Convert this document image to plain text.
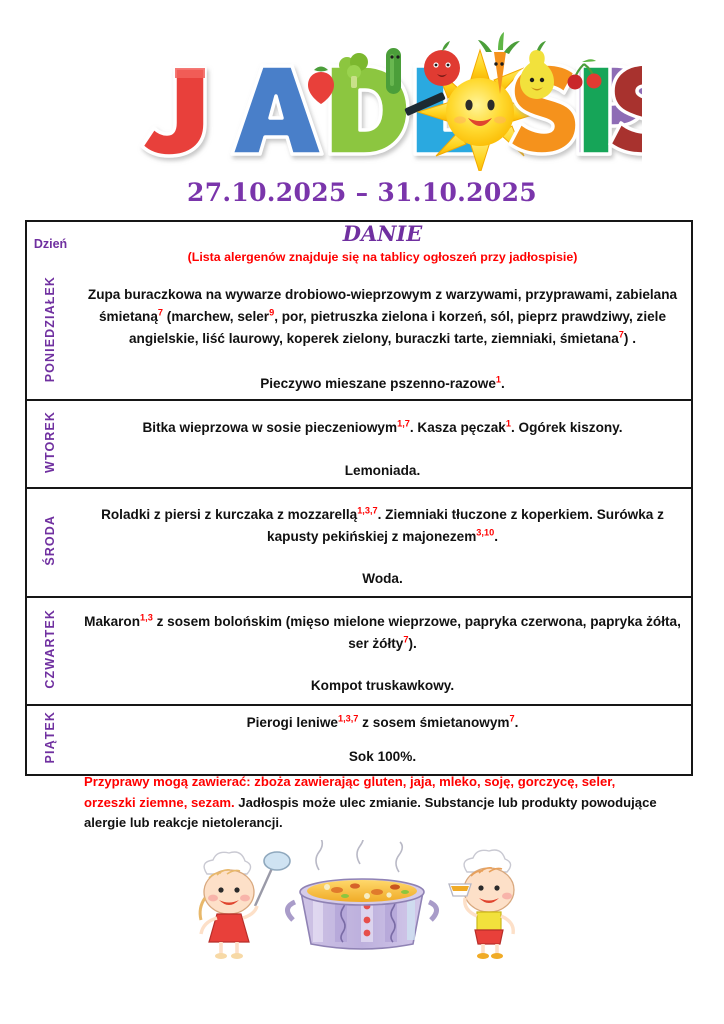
27.10.2025 – 31.10.2025
Dzień	DANIE
(Lista alergenów znajduje się na tablicy ogłoszeń przy jadłospisie)

PONIEDZIAŁEK	Zupa buraczkowa na wywarze drobiowo-wieprzowym z warzywami, przyprawami, zabielana śmietaną$^7$ (marchew, seler$^9$, por, pietruszka zielona i korzeń, sól, pieprz prawdziwy, ziele angielskie, liść laurowy, koperek zielony, buraczki tarte, ziemniaki, śmietana$^7$) .
	Pieczywo mieszane pszenno-razowe$^1$.
WTOREK	Bitka wieprzowa w sosie pieczeniowym$^{1,7}$. Kasza pęczak$^1$. Ogórek kiszony.
	Lemoniada.
ŚRODA	Roladki z piersi z kurczaka z mozzarellą$^{1,3,7}$. Ziemniaki tłuczone z koperkiem. Surówka z kapusty pekińskiej z majonezem$^{3,10}$.
	Woda.
CZWARTEK	Makaron$^{1,3}$ z sosem bolońskim (mięso mielone wieprzowe, papryka czerwona, papryka żółta, ser żółty$^7$).
	Kompot truskawkowy.
PIĄTEK	Pierogi leniwe$^{1,3,7}$ z sosem śmietanowym$^7$.
	Sok 100%.
Przyprawy mogą zawierać: zboża zawierając gluten, jaja, mleko, soję, gorczycę, seler, orzeszki ziemne, sezam. Jadłospis może ulec zmianie. Substancje lub produkty powodujące alergie lub reakcje nietolerancji.
